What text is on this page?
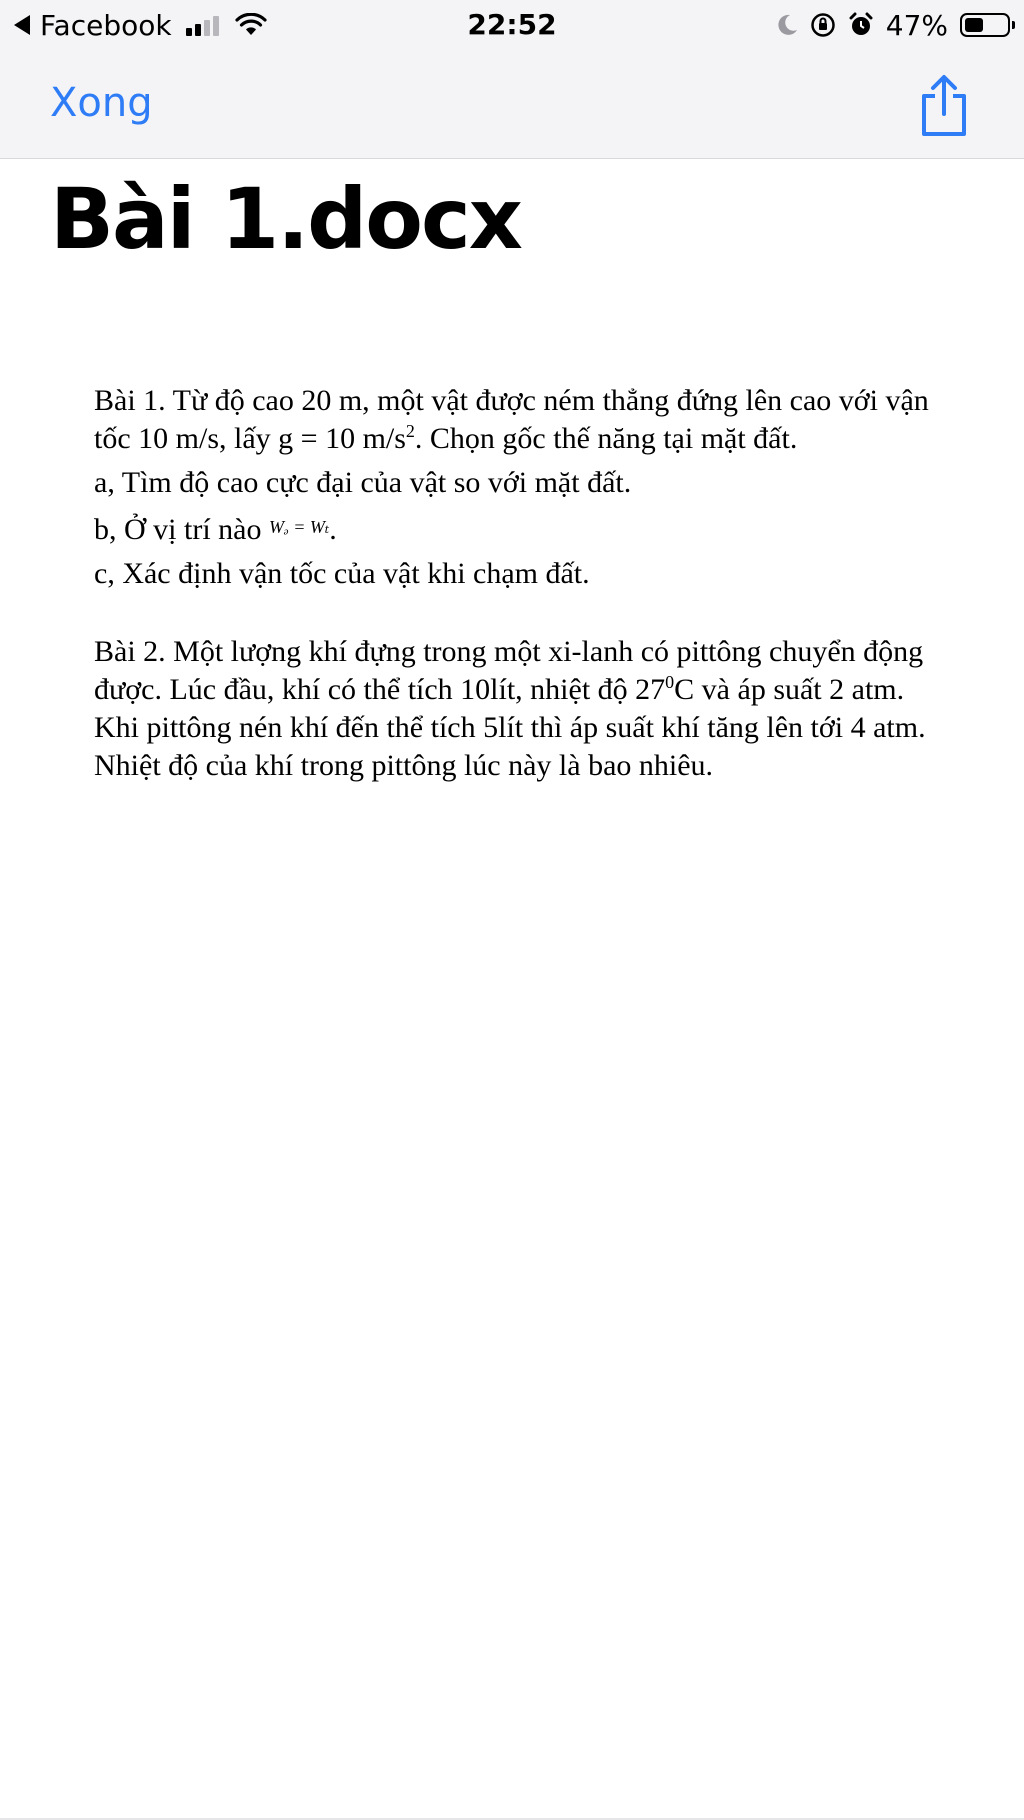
Facebook	22:52	47%
Xong
Bài 1.docx

Bài 1. Từ độ cao 20 m, một vật được ném thẳng đứng lên cao với vận tốc 10 m/s, lấy g = 10 $m/s^2$. Chọn gốc thế năng tại mặt đất.

a, Tìm độ cao cực đại của vật so với mặt đất.

b, Ở vị trí nào $^{Wₔ = W_t}$.

c, Xác định vận tốc của vật khi chạm đất.

Bài 2. Một lượng khí đựng trong một xi-lanh có pittông chuyển động được. Lúc đầu, khí có thể tích 10lít, nhiệt độ $27^0C$ và áp suất 2 atm. Khi pittông nén khí đến thể tích 5lít thì áp suất khí tăng lên tới 4 atm. Nhiệt độ của khí trong pittông lúc này là bao nhiêu.
